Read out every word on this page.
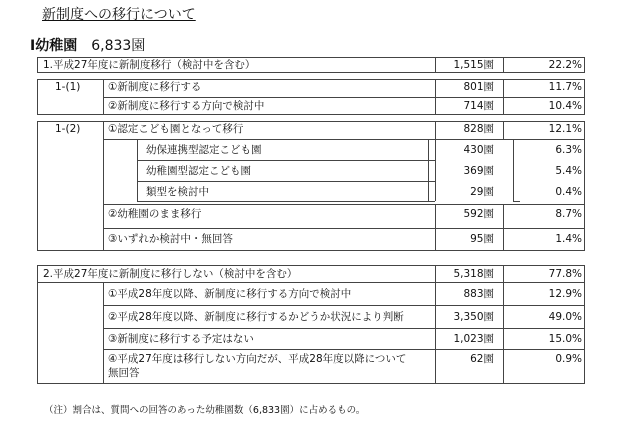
新制度への移行について
Ⅰ幼稚園 6,833園
1.平成27年度に新制度移行（検討中を含む）	1,515園	22.2%
1-(1)	①新制度に移行する	801園	11.7%
②新制度に移行する方向で検討中	714園	10.4%
1-(2)	①認定こども園となって移行	828園	12.1%
幼保連携型認定こども園	430園	6.3%
幼稚園型認定こども園	369園	5.4%
類型を検討中	29園	0.4%
②幼稚園のまま移行	592園	8.7%
③いずれか検討中・無回答	95園	1.4%
2.平成27年度に新制度に移行しない（検討中を含む）	5,318園	77.8%
①平成28年度以降、新制度に移行する方向で検討中	883園	12.9%
②平成28年度以降、新制度に移行するかどうか状況により判断	3,350園	49.0%
③新制度に移行する予定はない	1,023園	15.0%
④平成27年度は移行しない方向だが、平成28年度以降について
無回答
62園	0.9%
（注）割合は、質問への回答のあった幼稚園数（6,833園）に占めるもの。
